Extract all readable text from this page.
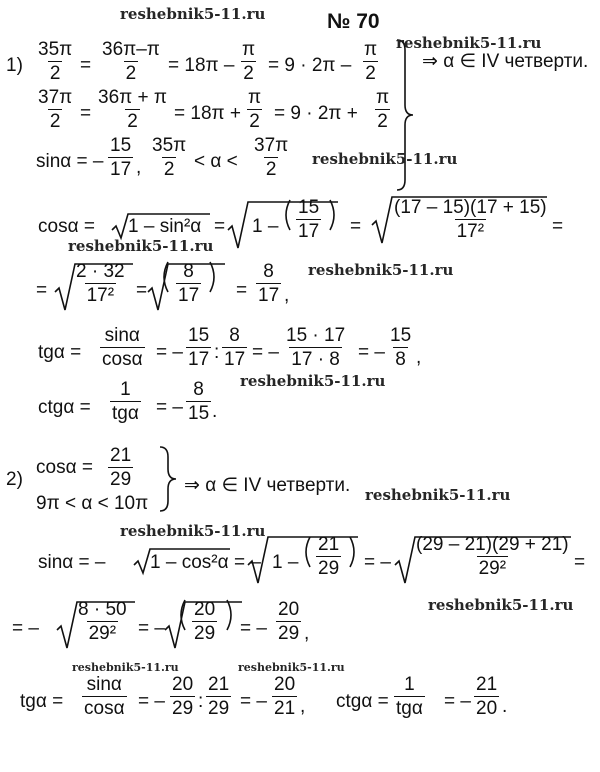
№ 70
reshebnik5-11.ru
reshebnik5-11.ru
reshebnik5-11.ru
reshebnik5-11.ru
reshebnik5-11.ru
reshebnik5-11.ru
reshebnik5-11.ru
reshebnik5-11.ru
reshebnik5-11.ru
reshebnik5-11.ru	reshebnik5-11.ru
$1) \frac{35\pi}{2} = \frac{36\pi-\pi}{2} = 18\pi - \frac{\pi}{2} = 9 \cdot 2\pi - \frac{\pi}{2}$
$\frac{37\pi}{2} = \frac{36\pi + \pi}{2} = 18\pi + \frac{\pi}{2} = 9 \cdot 2\pi + \frac{\pi}{2}$
sinα = – $\frac{15}{17}$ , $\frac{35\pi}{2} < \alpha < \frac{37\pi}{2}$
⇒ α ∈ IV четверти.
$\cos\alpha = 1 - \sin^2\alpha = 1 - \frac{15}{17} = \frac{(17 - 15)(17 + 15)}{\text{17²}}$ =
= $\frac{2 \cdot 32}{\text{17²}} = \frac{8}{17} = \frac{8}{17}$ ,
$tg\alpha = \frac{\sin\alpha}{\cos\alpha}$ = – $\frac{15}{17}$ : $\frac{8}{17}$ = – $\frac{15 \cdot 17}{17 \cdot 8}$ = – $\frac{15}{8}$ ,
ctgα =
1
tgα = – $\frac{8}{15}$ .
2)
$\cos\alpha = \frac{21}{29}$
9π < α < 10π
⇒ α ∈ IV четверти.
sinα = – 1 – cos²α = – $1 - \frac{21}{29}$ = – $\frac{(29 - 21)(29 + 21)}{\text{29²}}$ =
= – $\frac{8 \cdot 50}{\text{29²}}$ = – $\frac{20}{29}$ = – $\frac{20}{29}$ ,
$tg\alpha = \frac{\sin\alpha}{\cos\alpha}$ = – $\frac{20}{29}$ : $\frac{21}{29}$ = – $\frac{20}{21}$ , ctgα =
1
tgα = – $\frac{21}{20}$ .
